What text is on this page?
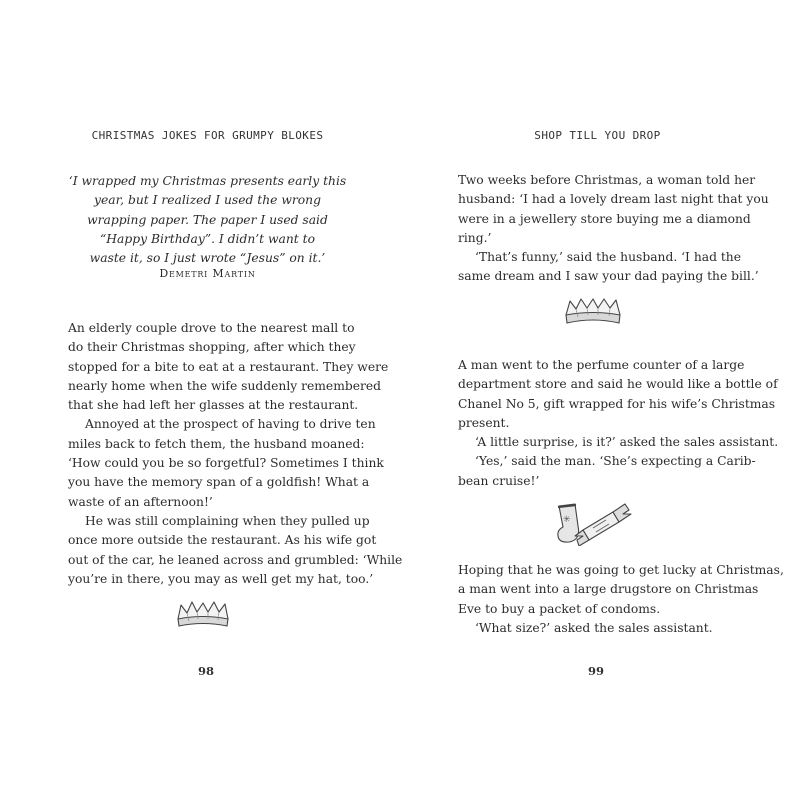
CHRISTMAS JOKES FOR GRUMPY BLOKES
‘I wrapped my Christmas presents early this
year, but I realized I used the wrong
wrapping paper. The paper I used said
“Happy Birthday”. I didn’t want to
waste it, so I just wrote “Jesus” on it.’
Demetri Martin
An elderly couple drove to the nearest mall to
do their Christmas shopping, after which they
stopped for a bite to eat at a restaurant. They were
nearly home when the wife suddenly remembered
that she had left her glasses at the restaurant.
Annoyed at the prospect of having to drive ten
miles back to fetch them, the husband moaned:
‘How could you be so forgetful? Sometimes I think
you have the memory span of a goldfish! What a
waste of an afternoon!’
He was still complaining when they pulled up
once more outside the restaurant. As his wife got
out of the car, he leaned across and grumbled: ‘While
you’re in there, you may as well get my hat, too.’
98
SHOP TILL YOU DROP
Two weeks before Christmas, a woman told her
husband: ‘I had a lovely dream last night that you
were in a jewellery store buying me a diamond
ring.’
‘That’s funny,’ said the husband. ‘I had the
same dream and I saw your dad paying the bill.’
A man went to the perfume counter of a large
department store and said he would like a bottle of
Chanel No 5, gift wrapped for his wife’s Christmas
present.
‘A little surprise, is it?’ asked the sales assistant.
‘Yes,’ said the man. ‘She’s expecting a Carib-
bean cruise!’
✳
Hoping that he was going to get lucky at Christmas,
a man went into a large drugstore on Christmas
Eve to buy a packet of condoms.
‘What size?’ asked the sales assistant.
99
